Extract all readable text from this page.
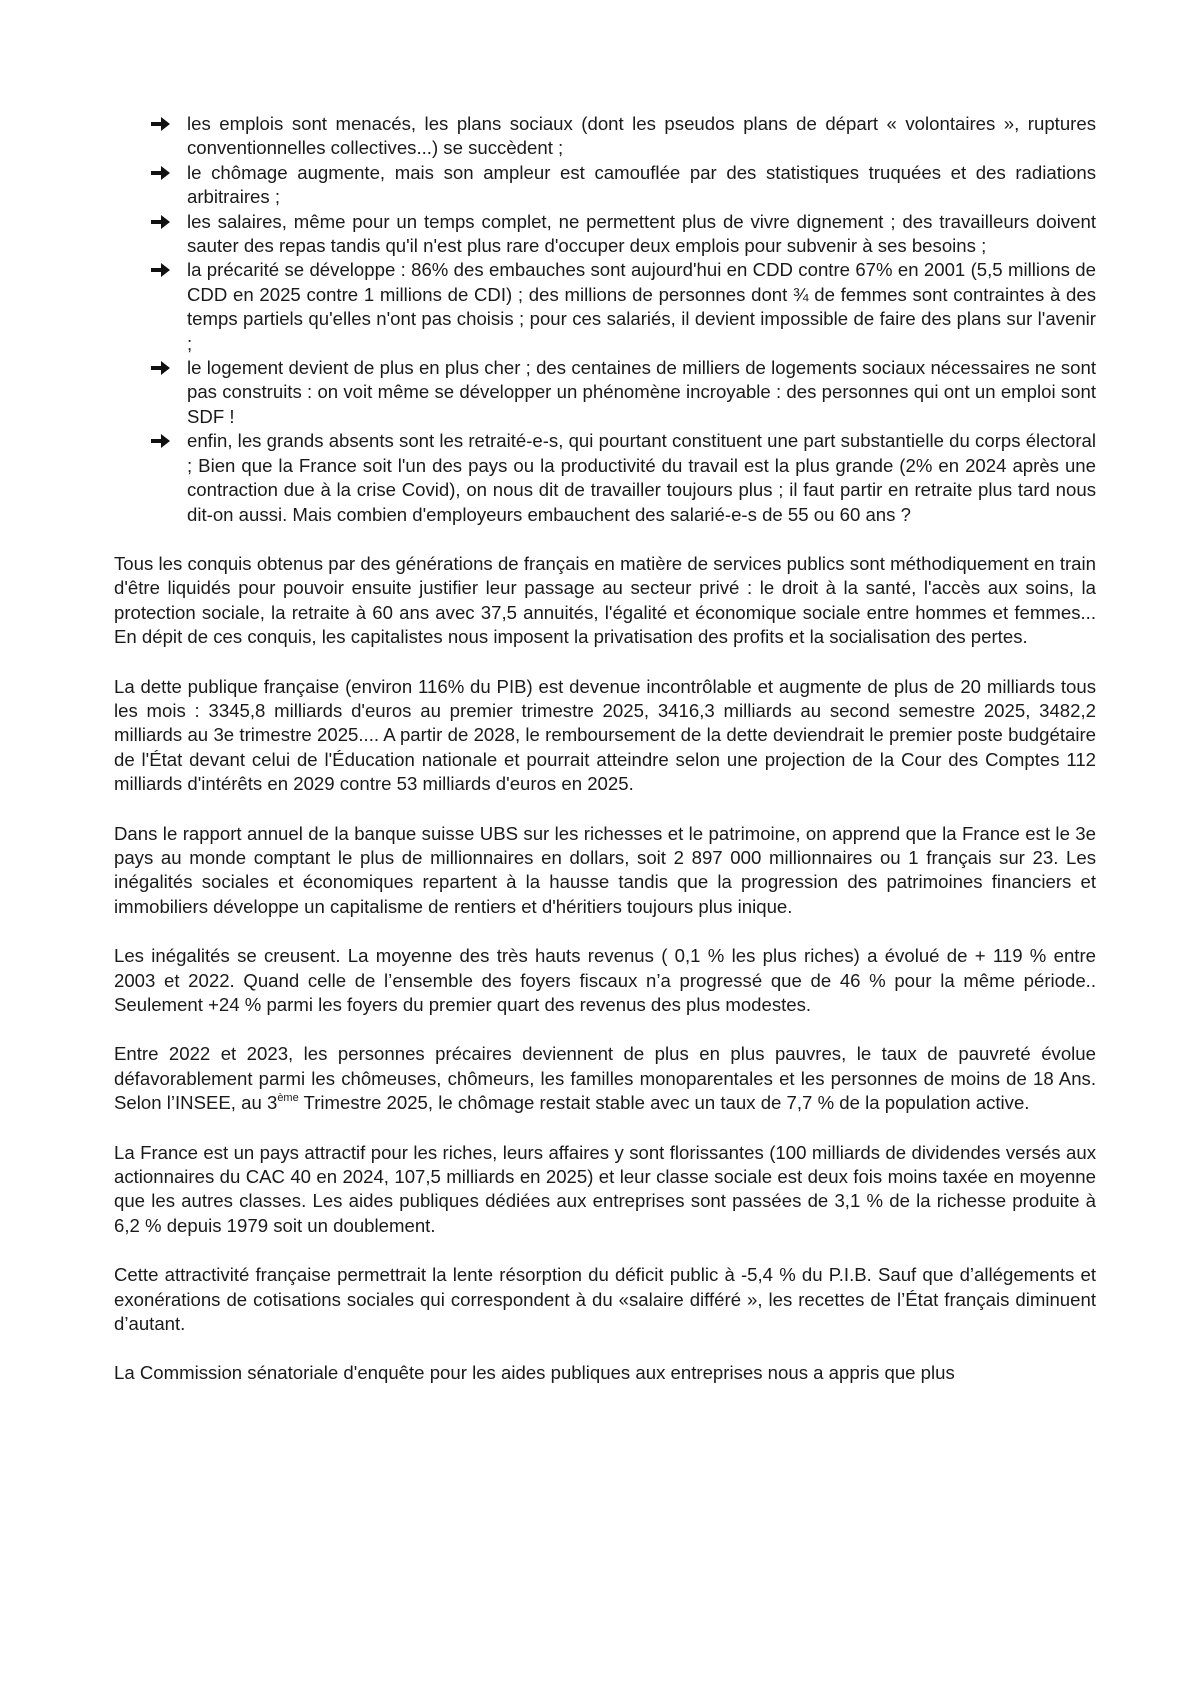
les emplois sont menacés, les plans sociaux (dont les pseudos plans de départ « volontaires », ruptures conventionnelles collectives...) se succèdent ;
le chômage augmente, mais son ampleur est camouflée par des statistiques truquées et des radiations arbitraires ;
les salaires, même pour un temps complet, ne permettent plus de vivre dignement ; des travailleurs doivent sauter des repas tandis qu'il n'est plus rare d'occuper deux emplois pour subvenir à ses besoins ;
la précarité se développe : 86% des embauches sont aujourd'hui en CDD contre 67% en 2001 (5,5 millions de CDD en 2025 contre 1 millions de CDI) ; des millions de personnes dont ¾ de femmes sont contraintes à des temps partiels qu'elles n'ont pas choisis ; pour ces salariés, il devient impossible de faire des plans sur l'avenir ;
le logement devient de plus en plus cher ; des centaines de milliers de logements sociaux nécessaires ne sont pas construits : on voit même se développer un phénomène incroyable : des personnes qui ont un emploi sont SDF !
enfin, les grands absents sont les retraité-e-s, qui pourtant constituent une part substantielle du corps électoral ; Bien que la France soit l'un des pays ou la productivité du travail est la plus grande (2% en 2024 après une contraction due à la crise Covid), on nous dit de travailler toujours plus ; il faut partir en retraite plus tard nous dit-on aussi. Mais combien d'employeurs embauchent des salarié-e-s de 55 ou 60 ans ?

Tous les conquis obtenus par des générations de français en matière de services publics sont méthodiquement en train d'être liquidés pour pouvoir ensuite justifier leur passage au secteur privé : le droit à la santé, l'accès aux soins, la protection sociale, la retraite à 60 ans avec 37,5 annuités, l'égalité et économique sociale entre hommes et femmes... En dépit de ces conquis, les capitalistes nous imposent la privatisation des profits et la socialisation des pertes.

La dette publique française (environ 116% du PIB) est devenue incontrôlable et augmente de plus de 20 milliards tous les mois : 3345,8 milliards d'euros au premier trimestre 2025, 3416,3 milliards au second semestre 2025, 3482,2 milliards au 3e trimestre 2025.... A partir de 2028, le remboursement de la dette deviendrait le premier poste budgétaire de l'État devant celui de l'Éducation nationale et pourrait atteindre selon une projection de la Cour des Comptes 112 milliards d'intérêts en 2029 contre 53 milliards d'euros en 2025.

Dans le rapport annuel de la banque suisse UBS sur les richesses et le patrimoine, on apprend que la France est le 3e pays au monde comptant le plus de millionnaires en dollars, soit 2 897 000 millionnaires ou 1 français sur 23. Les inégalités sociales et économiques repartent à la hausse tandis que la progression des patrimoines financiers et immobiliers développe un capitalisme de rentiers et d'héritiers toujours plus inique.

Les inégalités se creusent. La moyenne des très hauts revenus ( 0,1 % les plus riches) a évolué de + 119 % entre 2003 et 2022. Quand celle de l’ensemble des foyers fiscaux n’a progressé que de 46 % pour la même période.. Seulement +24 % parmi les foyers du premier quart des revenus des plus modestes.

Entre 2022 et 2023, les personnes précaires deviennent de plus en plus pauvres, le taux de pauvreté évolue défavorablement parmi les chômeuses, chômeurs, les familles monoparentales et les personnes de moins de 18 Ans. Selon l’INSEE, au 3ème Trimestre 2025, le chômage restait stable avec un taux de 7,7 % de la population active.

La France est un pays attractif pour les riches, leurs affaires y sont florissantes (100 milliards de dividendes versés aux actionnaires du CAC 40 en 2024, 107,5 milliards en 2025) et leur classe sociale est deux fois moins taxée en moyenne que les autres classes. Les aides publiques dédiées aux entreprises sont passées de 3,1 % de la richesse produite à 6,2 % depuis 1979 soit un doublement.

Cette attractivité française permettrait la lente résorption du déficit public à -5,4 % du P.I.B. Sauf que d’allégements et exonérations de cotisations sociales qui correspondent à du «salaire différé », les recettes de l’État français diminuent d’autant.

La Commission sénatoriale d'enquête pour les aides publiques aux entreprises nous a appris que plus
